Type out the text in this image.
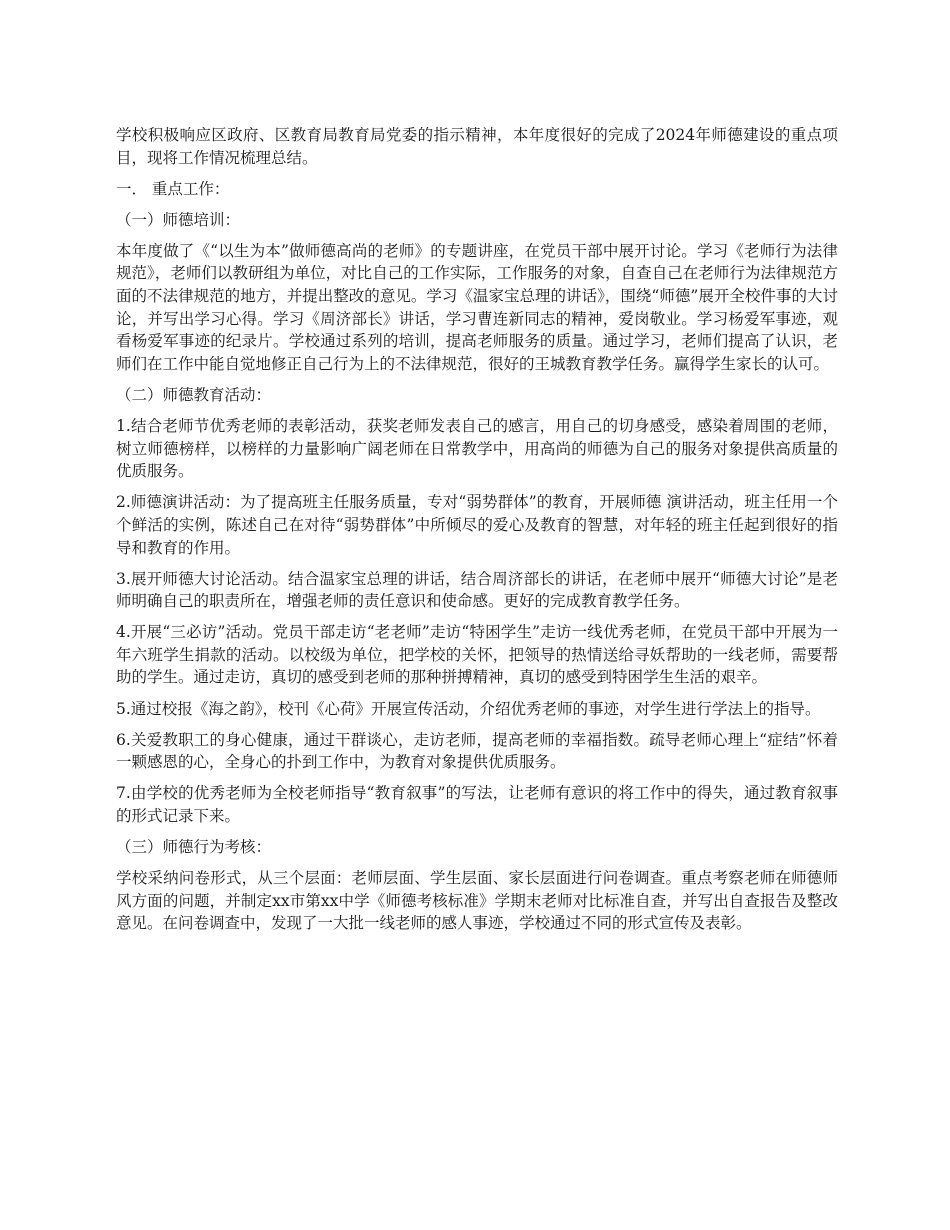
学校积极响应区政府、区教育局教育局党委的指示精神，本年度很好的完成了2024年师德建设的重点项目，现将工作情况梳理总结。

一． 重点工作：

（一）师德培训：

本年度做了《“以生为本”做师德高尚的老师》的专题讲座，在党员干部中展开讨论。学习《老师行为法律规范》，老师们以教研组为单位，对比自己的工作实际，工作服务的对象，自查自己在老师行为法律规范方面的不法律规范的地方，并提出整改的意见。学习《温家宝总理的讲话》，围绕“师德”展开全校件事的大讨论，并写出学习心得。学习《周济部长》讲话，学习曹连新同志的精神，爱岗敬业。学习杨爱军事迹，观看杨爱军事迹的纪录片。学校通过系列的培训，提高老师服务的质量。通过学习，老师们提高了认识，老师们在工作中能自觉地修正自己行为上的不法律规范，很好的王城教育教学任务。赢得学生家长的认可。

（二）师德教育活动：

1.结合老师节优秀老师的表彰活动，获奖老师发表自己的感言，用自己的切身感受，感染着周围的老师，树立师德榜样，以榜样的力量影响广阔老师在日常教学中，用高尚的师德为自己的服务对象提供高质量的优质服务。

2.师德演讲活动：为了提高班主任服务质量，专对“弱势群体”的教育，开展师德 演讲活动，班主任用一个个鲜活的实例，陈述自己在对待“弱势群体”中所倾尽的爱心及教育的智慧，对年轻的班主任起到很好的指导和教育的作用。

3.展开师德大讨论活动。结合温家宝总理的讲话，结合周济部长的讲话，在老师中展开“师德大讨论”是老师明确自己的职责所在，增强老师的责任意识和使命感。更好的完成教育教学任务。

4.开展“三必访”活动。党员干部走访“老老师”走访“特困学生”走访一线优秀老师，在党员干部中开展为一年六班学生捐款的活动。以校级为单位，把学校的关怀，把领导的热情送给寻妖帮助的一线老师，需要帮助的学生。通过走访，真切的感受到老师的那种拼搏精神，真切的感受到特困学生生活的艰辛。

5.通过校报《海之韵》，校刊《心荷》开展宣传活动，介绍优秀老师的事迹，对学生进行学法上的指导。

6.关爱教职工的身心健康，通过干群谈心，走访老师，提高老师的幸福指数。疏导老师心理上“症结”怀着一颗感恩的心，全身心的扑到工作中，为教育对象提供优质服务。

7.由学校的优秀老师为全校老师指导“教育叙事”的写法，让老师有意识的将工作中的得失，通过教育叙事的形式记录下来。

（三）师德行为考核：

学校采纳问卷形式，从三个层面：老师层面、学生层面、家长层面进行问卷调查。重点考察老师在师德师风方面的问题，并制定xx市第xx中学《师德考核标准》学期末老师对比标准自查，并写出自查报告及整改意见。在问卷调查中，发现了一大批一线老师的感人事迹，学校通过不同的形式宣传及表彰。
